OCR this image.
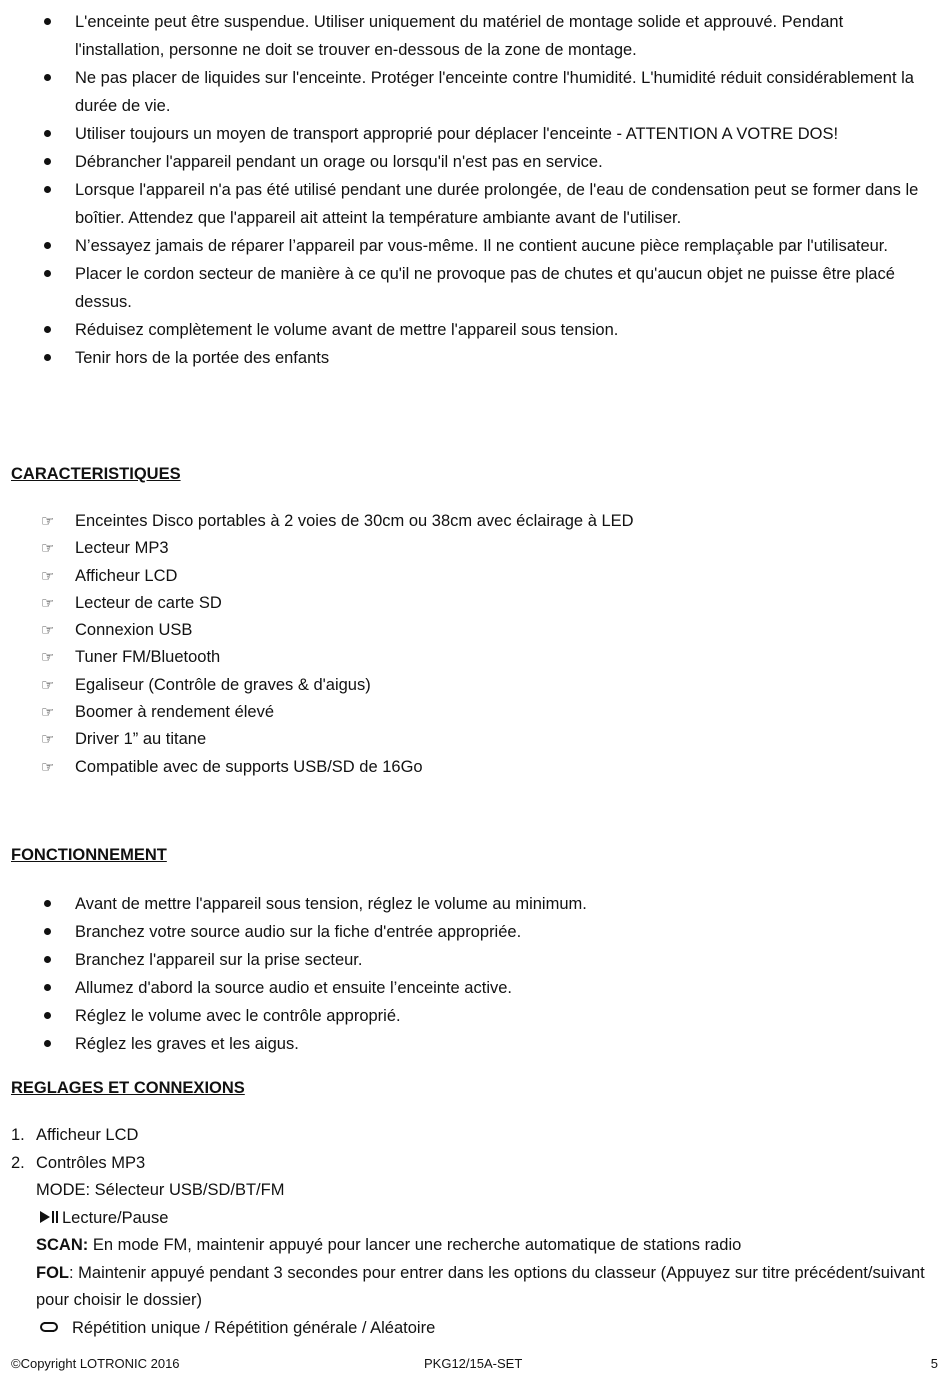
L'enceinte peut être suspendue. Utiliser uniquement du matériel de montage solide et approuvé. Pendant l'installation, personne ne doit se trouver en-dessous de la zone de montage.
Ne pas placer de liquides sur l'enceinte. Protéger l'enceinte contre l'humidité. L'humidité réduit considérablement la durée de vie.
Utiliser toujours un moyen de transport approprié pour déplacer l'enceinte - ATTENTION A VOTRE DOS!
Débrancher l'appareil pendant un orage ou lorsqu'il n'est pas en service.
Lorsque l'appareil n'a pas été utilisé pendant une durée prolongée, de l'eau de condensation peut se former dans le boîtier. Attendez que l'appareil ait atteint la température ambiante avant de l'utiliser.
N’essayez jamais de réparer l’appareil par vous-même. Il ne contient aucune pièce remplaçable par l'utilisateur.
Placer le cordon secteur de manière à ce qu'il ne provoque pas de chutes et qu'aucun objet ne puisse être placé dessus.
Réduisez complètement le volume avant de mettre l'appareil sous tension.
Tenir hors de la portée des enfants
CARACTERISTIQUES
☞ Enceintes Disco portables à 2 voies de 30cm ou 38cm avec éclairage à LED
☞ Lecteur MP3
☞ Afficheur LCD
☞ Lecteur de carte SD
☞ Connexion USB
☞ Tuner FM/Bluetooth
☞ Egaliseur (Contrôle de graves & d'aigus)
☞ Boomer à rendement élevé
☞ Driver 1” au titane
☞ Compatible avec de supports USB/SD de 16Go
FONCTIONNEMENT
Avant de mettre l'appareil sous tension, réglez le volume au minimum.
Branchez votre source audio sur la fiche d'entrée appropriée.
Branchez l'appareil sur la prise secteur.
Allumez d'abord la source audio et ensuite l’enceinte active.
Réglez le volume avec le contrôle approprié.
Réglez les graves et les aigus.
REGLAGES ET CONNEXIONS
1. Afficheur LCD
2. Contrôles MP3
MODE: Sélecteur USB/SD/BT/FM
Lecture/Pause
SCAN: En mode FM, maintenir appuyé pour lancer une recherche automatique de stations radio
FOL: Maintenir appuyé pendant 3 secondes pour entrer dans les options du classeur (Appuyez sur titre précédent/suivant pour choisir le dossier)
Répétition unique / Répétition générale / Aléatoire
©Copyright LOTRONIC 2016	PKG12/15A-SET	5
